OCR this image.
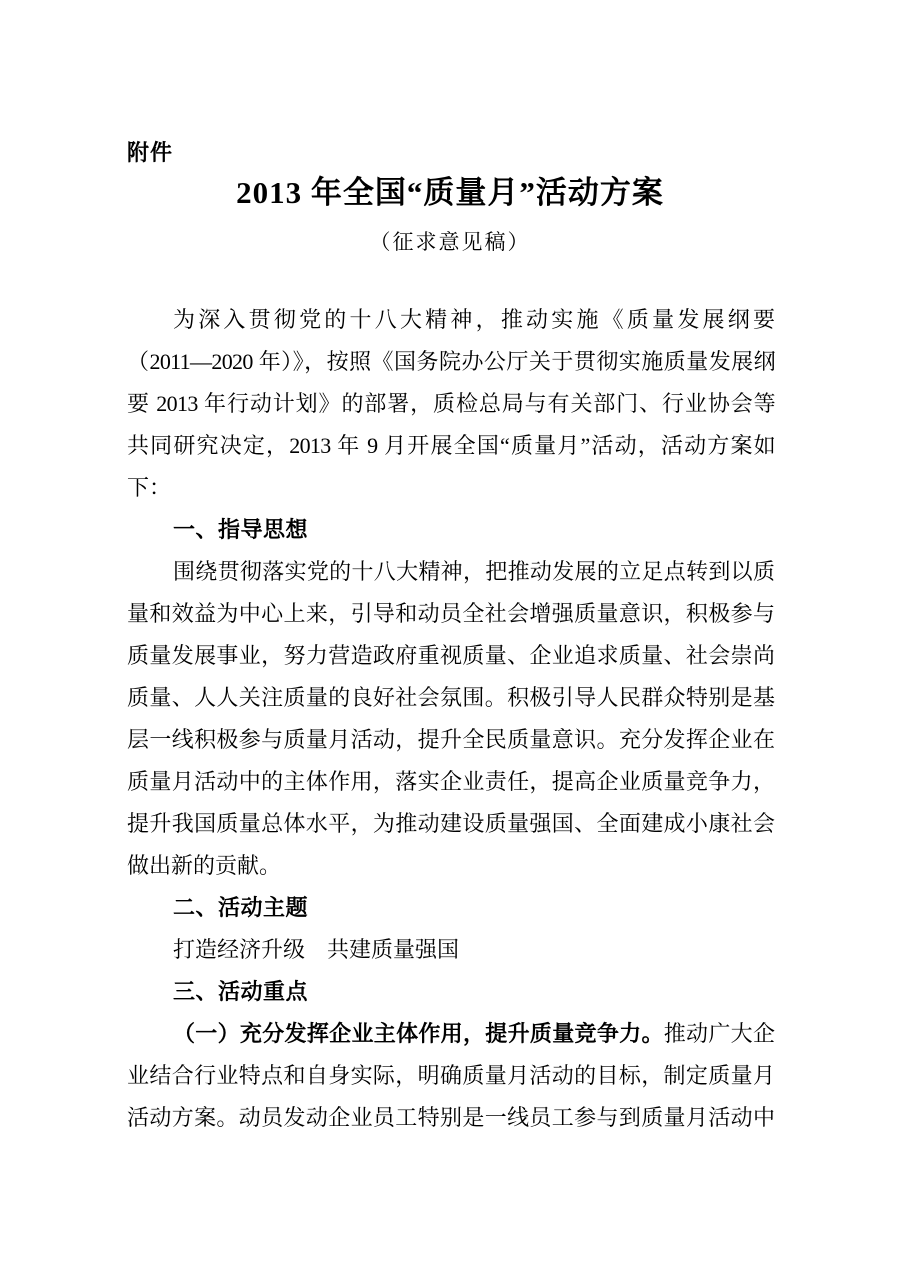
附件
2013 年全国“质量月”活动方案
（征求意见稿）
为深入贯彻党的十八大精神，推动实施《质量发展纲要
（2011—2020 年）》，按照《国务院办公厅关于贯彻实施质量发展纲
要 2013 年行动计划》的部署，质检总局与有关部门、行业协会等
共同研究决定，2013 年 9 月开展全国“质量月”活动，活动方案如
下：
一、指导思想
围绕贯彻落实党的十八大精神，把推动发展的立足点转到以质
量和效益为中心上来，引导和动员全社会增强质量意识，积极参与
质量发展事业，努力营造政府重视质量、企业追求质量、社会崇尚
质量、人人关注质量的良好社会氛围。积极引导人民群众特别是基
层一线积极参与质量月活动，提升全民质量意识。充分发挥企业在
质量月活动中的主体作用，落实企业责任，提高企业质量竞争力，
提升我国质量总体水平，为推动建设质量强国、全面建成小康社会
做出新的贡献。
二、活动主题
打造经济升级　共建质量强国
三、活动重点
（一）充分发挥企业主体作用，提升质量竞争力。推动广大企
业结合行业特点和自身实际，明确质量月活动的目标，制定质量月
活动方案。动员发动企业员工特别是一线员工参与到质量月活动中
